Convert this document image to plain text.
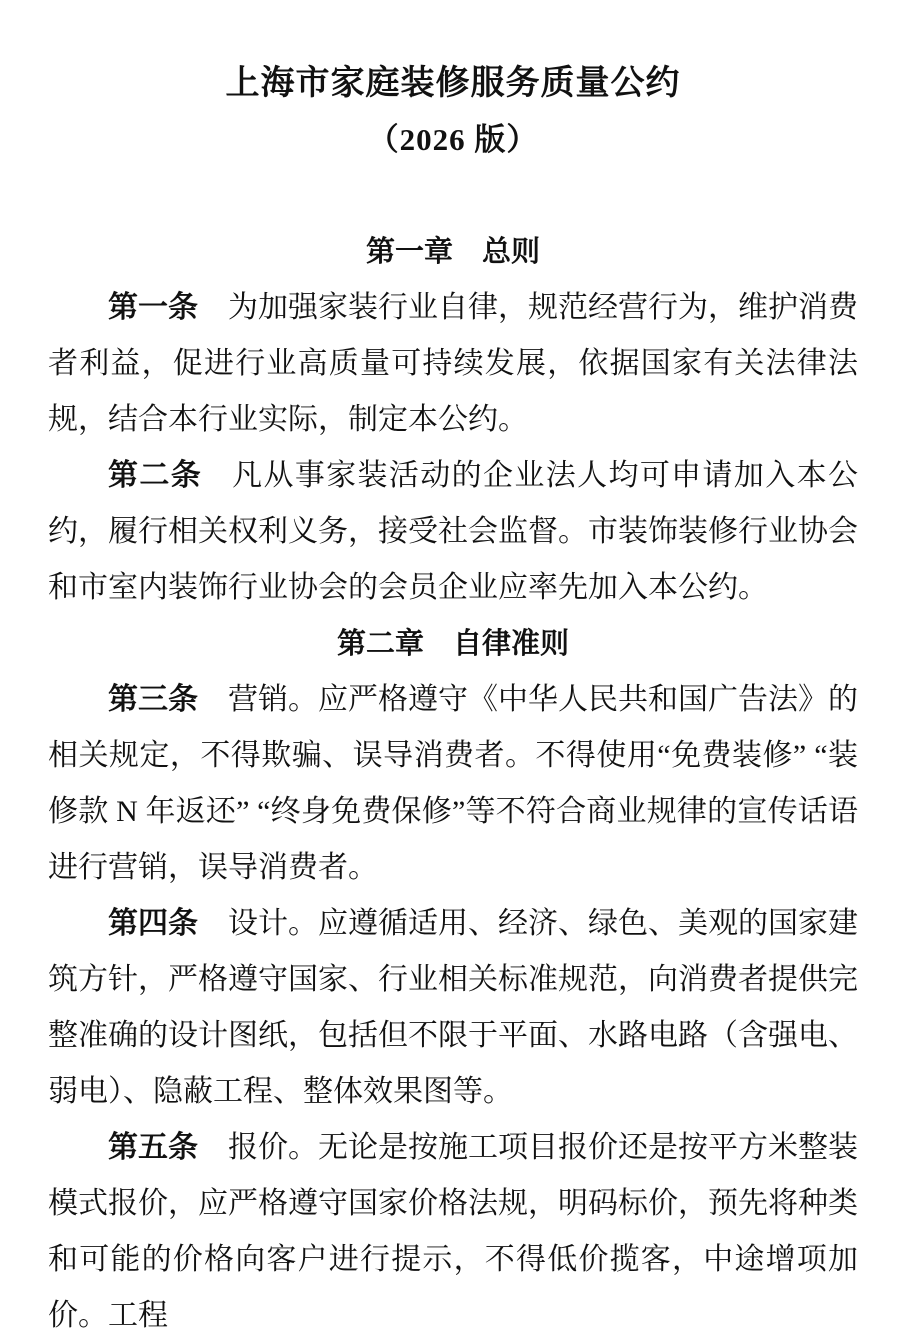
上海市家庭装修服务质量公约
（2026 版）
第一章　总则

第一条 为加强家装行业自律，规范经营行为，维护消费者利益，促进行业高质量可持续发展，依据国家有关法律法规，结合本行业实际，制定本公约。

第二条 凡从事家装活动的企业法人均可申请加入本公约，履行相关权利义务，接受社会监督。市装饰装修行业协会和市室内装饰行业协会的会员企业应率先加入本公约。

第二章　自律准则

第三条 营销。应严格遵守《中华人民共和国广告法》的相关规定，不得欺骗、误导消费者。不得使用“免费装修” “装修款 N 年返还” “终身免费保修”等不符合商业规律的宣传话语进行营销，误导消费者。

第四条 设计。应遵循适用、经济、绿色、美观的国家建筑方针，严格遵守国家、行业相关标准规范，向消费者提供完整准确的设计图纸，包括但不限于平面、水路电路（含强电、弱电）、隐蔽工程、整体效果图等。

第五条 报价。无论是按施工项目报价还是按平方米整装模式报价，应严格遵守国家价格法规，明码标价，预先将种类和可能的价格向客户进行提示，不得低价揽客，中途增项加价。工程
